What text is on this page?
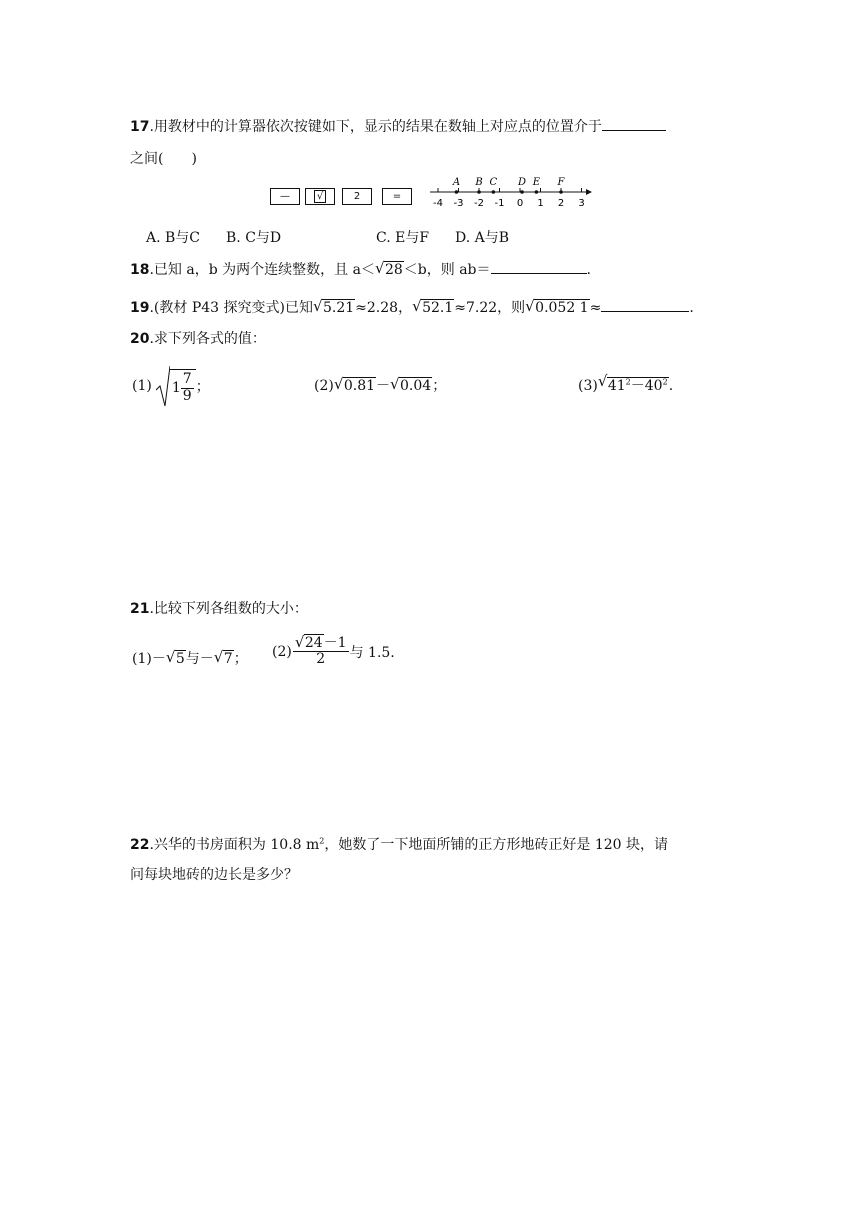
17.用教材中的计算器依次按键如下，显示的结果在数轴上对应点的位置介于
之间(　　)
—	√	2	=
-4 -3 -2 -1 0 1 2 3
A B C D E F
A. B与C B. C与D	C. E与F D. A与B
18.已知 a，b 为两个连续整数，且 a＜ √ 28＜b，则 ab＝	.
19.(教材 P43 探究变式)已知 √ 5.21≈2.28， √ 52.1≈7.22，则 √ 0.052 1≈	.
20.求下列各式的值：
(1) $1 \frac{7}{9}$ ；	(2) √ 0.81－ √ 0.04；	(3) √ $41^2-40^2$.
21.比较下列各组数的大小：
(1)－ √ 5与－ √ 7； $(2) \frac{√ 24-1}{2}$ 与 1.5.
22.兴华的书房面积为 10.8 $m^2$，她数了一下地面所铺的正方形地砖正好是 120 块，请
问每块地砖的边长是多少？
